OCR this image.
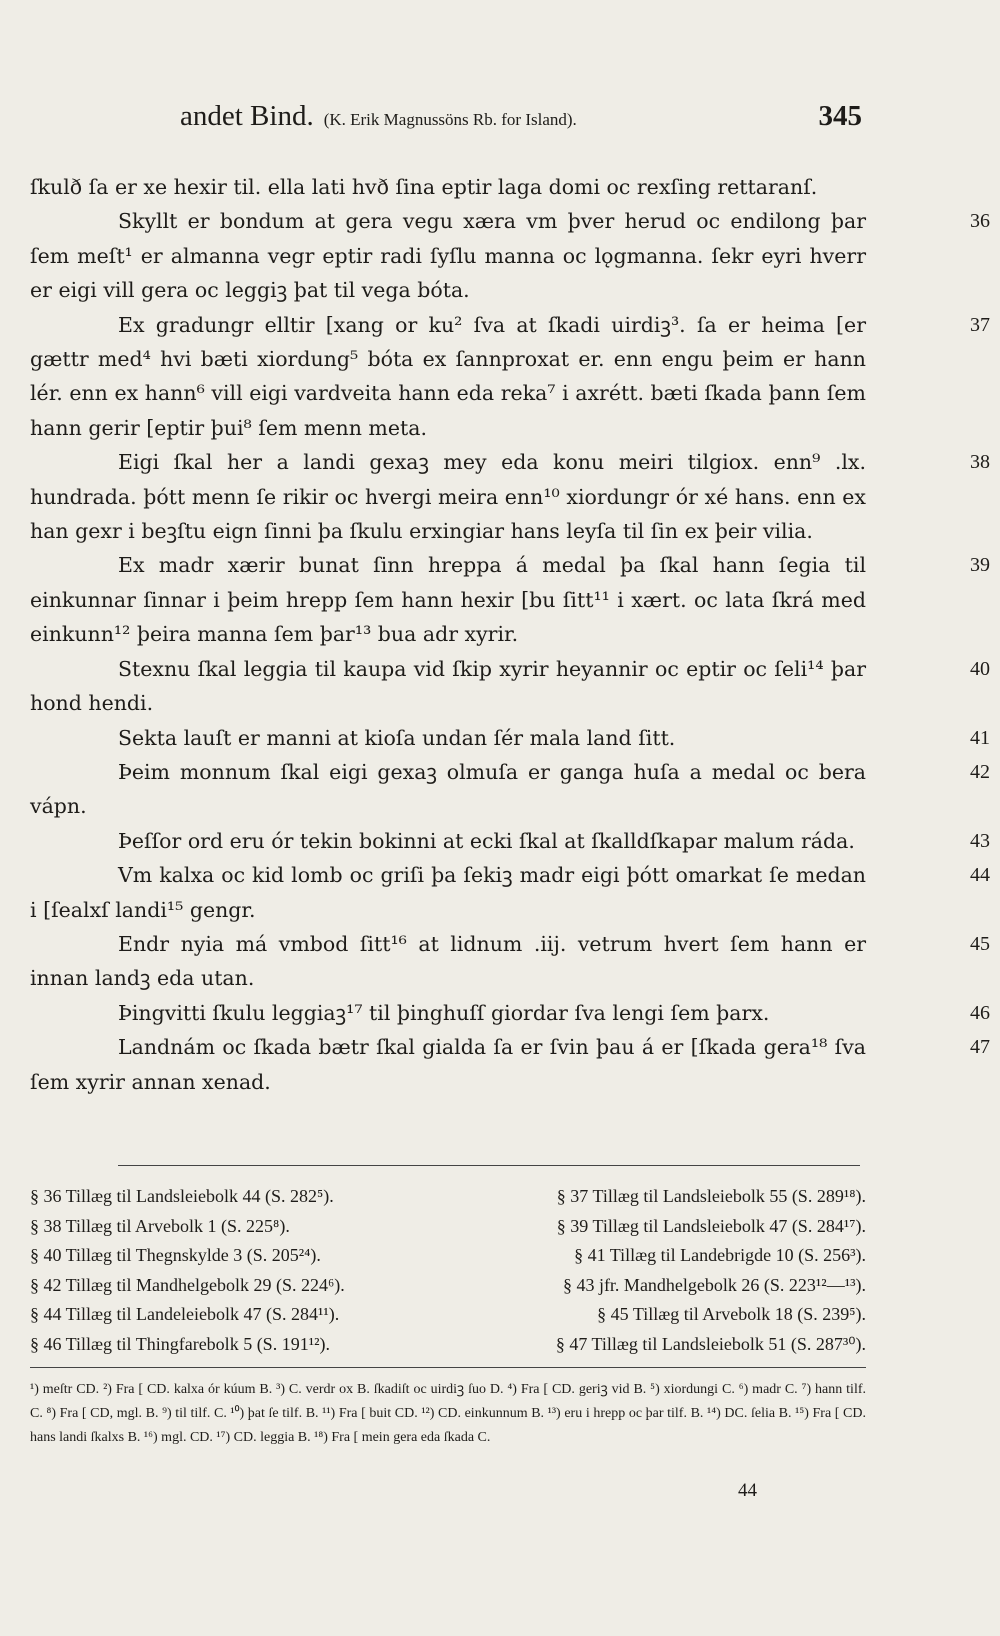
andet Bind. (K. Erik Magnussöns Rb. for Island).	345

ſkulð ſa er xe hexir til. ella lati hvð ſina eptir laga domi oc rexſing rettaranſ.

Skyllt er bondum at gera vegu xæra vm þver herud oc endilong þar ſem meſt¹ er almanna vegr eptir radi ſyſlu manna oc lǫgmanna. ſekr eyri hverr er eigi vill gera oc leggiꝫ þat til vega bóta.
36

Ex gradungr elltir [xang or ku² ſva at ſkadi uirdiꝫ³. ſa er heima [er gættr med⁴ hvi bæti xiordung⁵ bóta ex ſannproxat er. enn engu þeim er hann lér. enn ex hann⁶ vill eigi vardveita hann eda reka⁷ i axrétt. bæti ſkada þann ſem hann gerir [eptir þui⁸ ſem menn meta.
37

Eigi ſkal her a landi gexaꝫ mey eda konu meiri tilgiox. enn⁹ .lx. hundrada. þótt menn ſe rikir oc hvergi meira enn¹⁰ xiordungr ór xé hans. enn ex han gexr i beꝫſtu eign ſinni þa ſkulu erxingiar hans leyſa til ſin ex þeir vilia.
38

Ex madr xærir bunat ſinn hreppa á medal þa ſkal hann ſegia til einkunnar ſinnar i þeim hrepp ſem hann hexir [bu ſitt¹¹ i xært. oc lata ſkrá med einkunn¹² þeira manna ſem þar¹³ bua adr xyrir.
39

Stexnu ſkal leggia til kaupa vid ſkip xyrir heyannir oc eptir oc ſeli¹⁴ þar hond hendi.
40

Sekta lauſt er manni at kioſa undan ſér mala land ſitt.	41

Þeim monnum ſkal eigi gexaꝫ olmuſa er ganga huſa a medal oc bera vápn.
42

Þeſſor ord eru ór tekin bokinni at ecki ſkal at ſkalldſkapar malum ráda.	43

Vm kalxa oc kid lomb oc griſi þa ſekiꝫ madr eigi þótt omarkat ſe medan i [ſealxſ landi¹⁵ gengr.
44

Endr nyia má vmbod ſitt¹⁶ at lidnum .iij. vetrum hvert ſem hann er innan landꝫ eda utan.
45

Þingvitti ſkulu leggiaꝫ¹⁷ til þinghuſſ giordar ſva lengi ſem þarx.	46

Landnám oc ſkada bætr ſkal gialda ſa er ſvin þau á er [ſkada gera¹⁸ ſva ſem xyrir annan xenad.
47

§ 36 Tillæg til Landsleiebolk 44 (S. 282⁵).	§ 37 Tillæg til Landsleiebolk 55 (S. 289¹⁸).
§ 38 Tillæg til Arvebolk 1 (S. 225⁸).	§ 39 Tillæg til Landsleiebolk 47 (S. 284¹⁷).
§ 40 Tillæg til Thegnskylde 3 (S. 205²⁴).	§ 41 Tillæg til Landebrigde 10 (S. 256³).
§ 42 Tillæg til Mandhelgebolk 29 (S. 224⁶).	§ 43 jfr. Mandhelgebolk 26 (S. 223¹²—¹³).
§ 44 Tillæg til Landeleiebolk 47 (S. 284¹¹).	§ 45 Tillæg til Arvebolk 18 (S. 239⁵).
§ 46 Tillæg til Thingfarebolk 5 (S. 191¹²).	§ 47 Tillæg til Landsleiebolk 51 (S. 287³⁰).
¹) meſtr CD. ²) Fra [ CD. kalxa ór kúum B. ³) C. verdr ox B. ſkadiſt oc uirdiꝫ ſuo D. ⁴) Fra [ CD. geriꝫ vid B. ⁵) xiordungi C. ⁶) madr C. ⁷) hann tilf. C. ⁸) Fra [ CD, mgl. B. ⁹) til tilf. C. ¹⁰) þat ſe tilf. B. ¹¹) Fra [ buit CD. ¹²) CD. einkunnum B. ¹³) eru i hrepp oc þar tilf. B. ¹⁴) DC. ſelia B. ¹⁵) Fra [ CD. hans landi ſkalxs B. ¹⁶) mgl. CD. ¹⁷) CD. leggia B. ¹⁸) Fra [ mein gera eda ſkada C.
44
